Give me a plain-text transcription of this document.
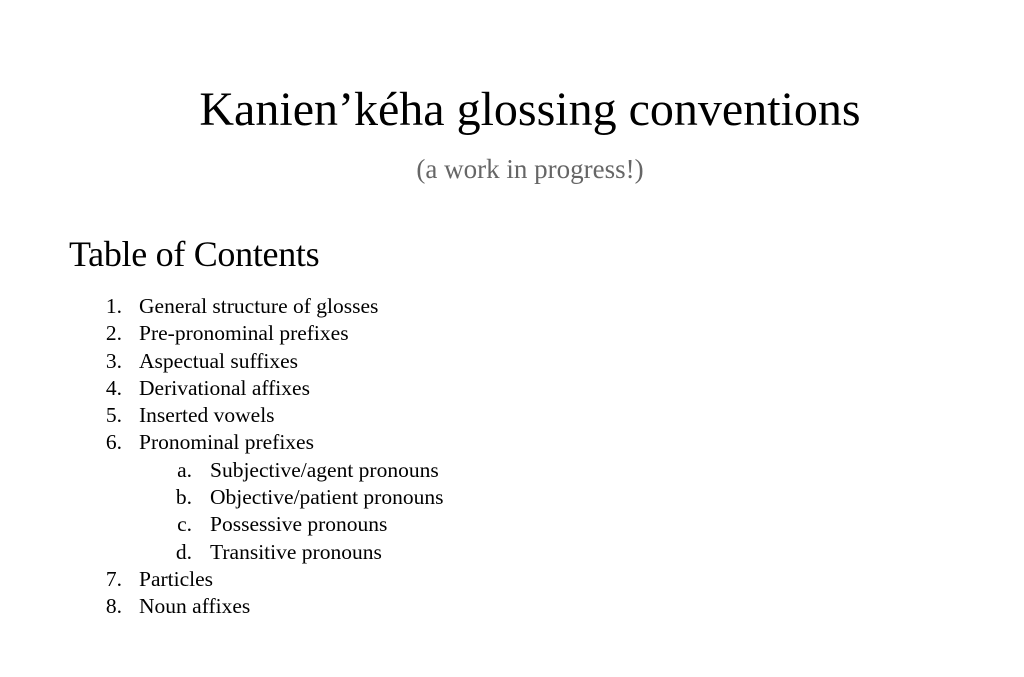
Kanien’kéha glossing conventions

(a work in progress!)

Table of Contents
1. General structure of glosses
2. Pre-pronominal prefixes
3. Aspectual suffixes
4. Derivational affixes
5. Inserted vowels
6. Pronominal prefixes
a. Subjective/agent pronouns
b. Objective/patient pronouns
c. Possessive pronouns
d. Transitive pronouns
7. Particles
8. Noun affixes
